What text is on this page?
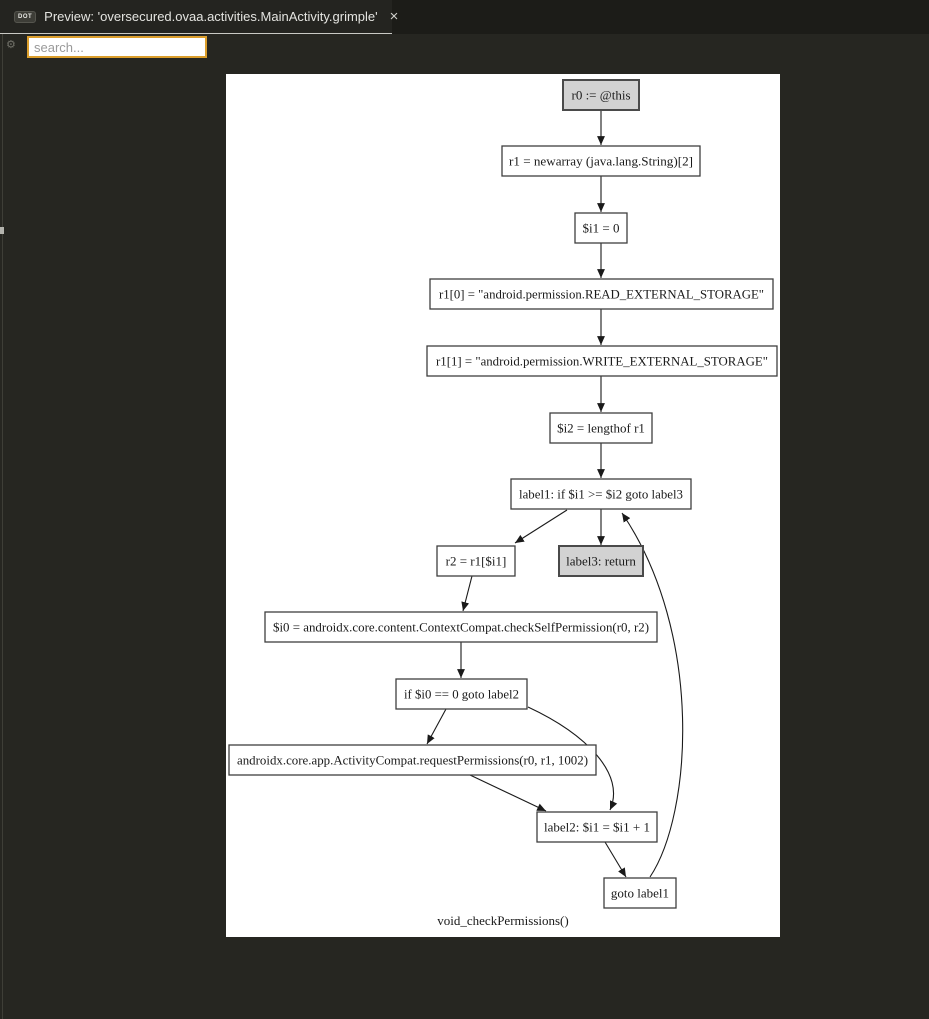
DOT Preview: 'oversecured.ovaa.activities.MainActivity.grimple' ×
⚙
search...
r0 := @this
r1 = newarray (java.lang.String)[2]
$i1 = 0
r1[0] = "android.permission.READ_EXTERNAL_STORAGE"
r1[1] = "android.permission.WRITE_EXTERNAL_STORAGE"
$i2 = lengthof r1
label1: if $i1 >= $i2 goto label3
r2 = r1[$i1]	label3: return
$i0 = androidx.core.content.ContextCompat.checkSelfPermission(r0, r2)
if $i0 == 0 goto label2
androidx.core.app.ActivityCompat.requestPermissions(r0, r1, 1002)
label2: $i1 = $i1 + 1
goto label1
void_checkPermissions()
